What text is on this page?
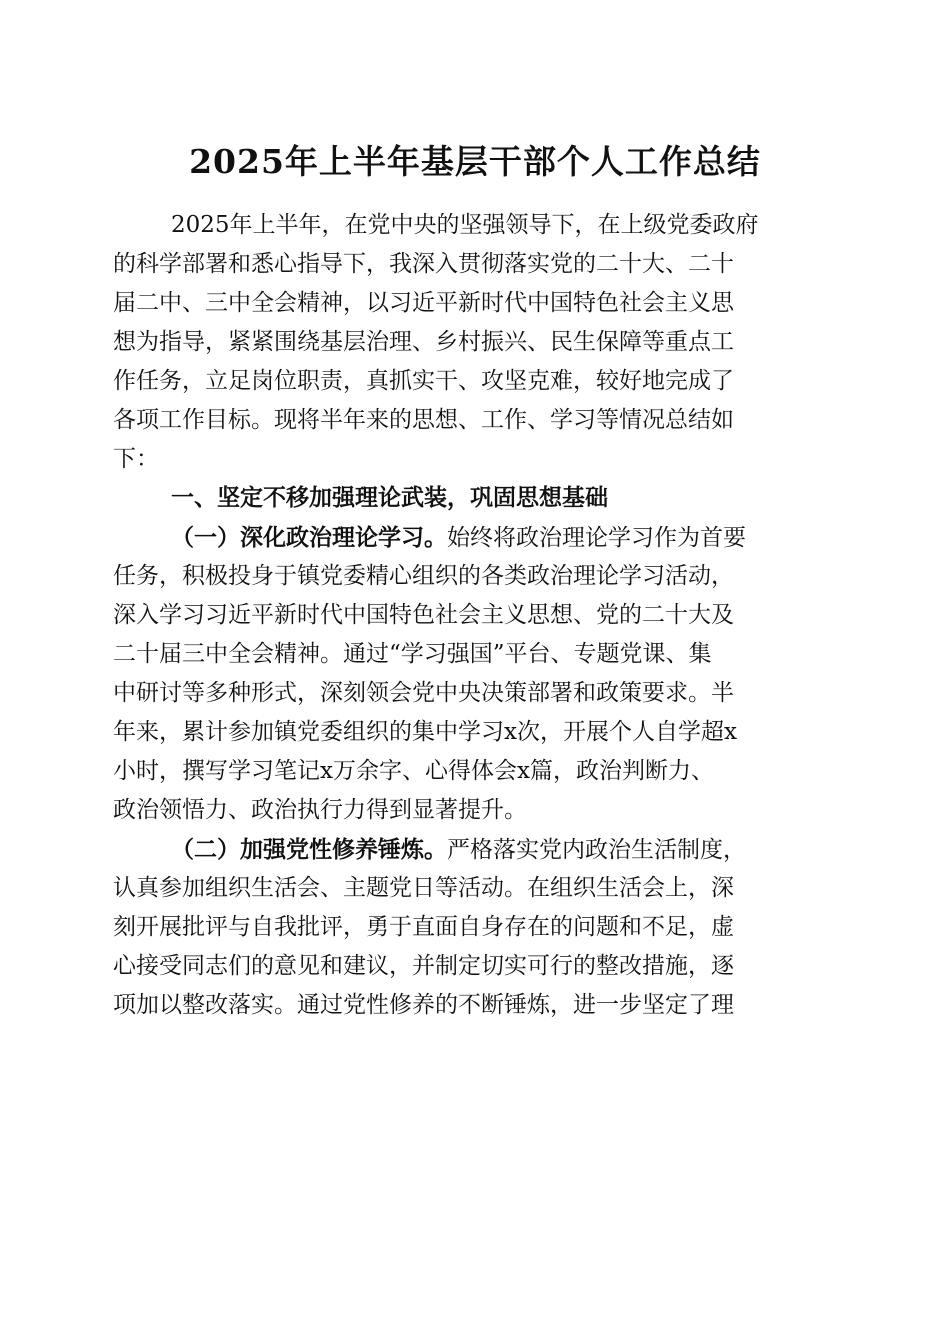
2025年上半年基层干部个人工作总结
2025年上半年，在党中央的坚强领导下，在上级党委政府
的科学部署和悉心指导下，我深入贯彻落实党的二十大、二十
届二中、三中全会精神，以习近平新时代中国特色社会主义思
想为指导，紧紧围绕基层治理、乡村振兴、民生保障等重点工
作任务，立足岗位职责，真抓实干、攻坚克难，较好地完成了
各项工作目标。现将半年来的思想、工作、学习等情况总结如
下：
一、坚定不移加强理论武装，巩固思想基础
（一）深化政治理论学习。始终将政治理论学习作为首要
任务，积极投身于镇党委精心组织的各类政治理论学习活动，
深入学习习近平新时代中国特色社会主义思想、党的二十大及
二十届三中全会精神。通过“学习强国”平台、专题党课、集
中研讨等多种形式，深刻领会党中央决策部署和政策要求。半
年来，累计参加镇党委组织的集中学习x次，开展个人自学超x
小时，撰写学习笔记x万余字、心得体会x篇，政治判断力、
政治领悟力、政治执行力得到显著提升。
（二）加强党性修养锤炼。严格落实党内政治生活制度，
认真参加组织生活会、主题党日等活动。在组织生活会上，深
刻开展批评与自我批评，勇于直面自身存在的问题和不足，虚
心接受同志们的意见和建议，并制定切实可行的整改措施，逐
项加以整改落实。通过党性修养的不断锤炼，进一步坚定了理
